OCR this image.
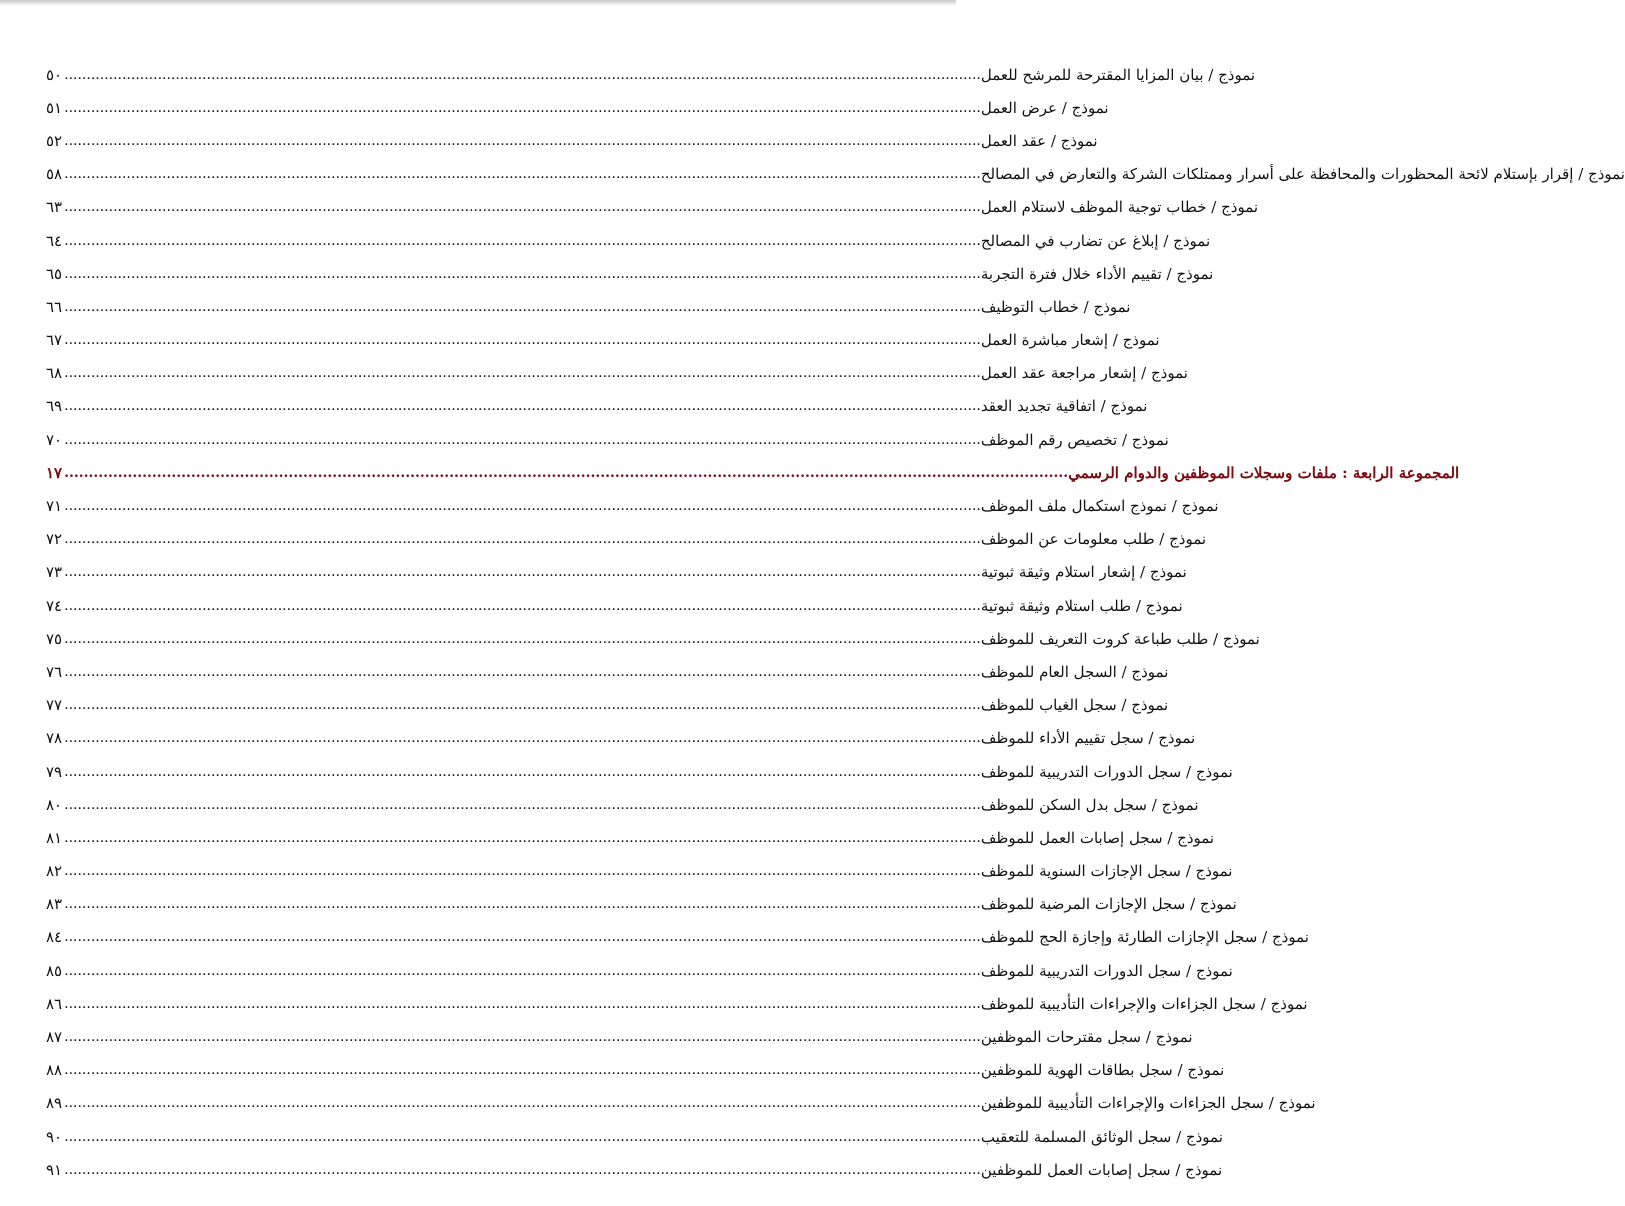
٥٠ .............................................................................................................................................................................................................. نموذج / بيان المزايا المقترحة للمرشح للعمل
٥١ .............................................................................................................................................................................................................. نموذج / عرض العمل
٥٢ .............................................................................................................................................................................................................. نموذج / عقد العمل
٥٨ .............................................................................................................................................................................................................. نموذج / إقرار بإستلام لائحة المحظورات والمحافظة على أسرار وممتلكات الشركة والتعارض في المصالح
٦٣ .............................................................................................................................................................................................................. نموذج / خطاب توجية الموظف لاستلام العمل
٦٤ .............................................................................................................................................................................................................. نموذج / إبلاغ عن تضارب في المصالح
٦٥ .............................................................................................................................................................................................................. نموذج / تقييم الأداء خلال فترة التجربة
٦٦ .............................................................................................................................................................................................................. نموذج / خطاب التوظيف
٦٧ .............................................................................................................................................................................................................. نموذج / إشعار مباشرة العمل
٦٨ .............................................................................................................................................................................................................. نموذج / إشعار مراجعة عقد العمل
٦٩ .............................................................................................................................................................................................................. نموذج / اتفاقية تجديد العقد
٧٠ .............................................................................................................................................................................................................. نموذج / تخصيص رقم الموظف
١٧ .............................................................................................................................................................................................................. المجموعة الرابعة : ملفات وسجلات الموظفين والدوام الرسمي
٧١ .............................................................................................................................................................................................................. نموذج / نموذج استكمال ملف الموظف
٧٢ .............................................................................................................................................................................................................. نموذج / طلب معلومات عن الموظف
٧٣ .............................................................................................................................................................................................................. نموذج / إشعار استلام وثيقة ثبوتية
٧٤ .............................................................................................................................................................................................................. نموذج / طلب استلام وثيقة ثبوتية
٧٥ .............................................................................................................................................................................................................. نموذج / طلب طباعة كروت التعريف للموظف
٧٦ .............................................................................................................................................................................................................. نموذج / السجل العام للموظف
٧٧ .............................................................................................................................................................................................................. نموذج / سجل الغياب للموظف
٧٨ .............................................................................................................................................................................................................. نموذج / سجل تقييم الأداء للموظف
٧٩ .............................................................................................................................................................................................................. نموذج / سجل الدورات التدريبية للموظف
٨٠ .............................................................................................................................................................................................................. نموذج / سجل بدل السكن للموظف
٨١ .............................................................................................................................................................................................................. نموذج / سجل إصابات العمل للموظف
٨٢ .............................................................................................................................................................................................................. نموذج / سجل الإجازات السنوية للموظف
٨٣ .............................................................................................................................................................................................................. نموذج / سجل الإجازات المرضية للموظف
٨٤ .............................................................................................................................................................................................................. نموذج / سجل الإجازات الطارئة وإجازة الحج للموظف
٨٥ .............................................................................................................................................................................................................. نموذج / سجل الدورات التدريبية للموظف
٨٦ .............................................................................................................................................................................................................. نموذج / سجل الجزاءات والإجراءات التأديبية للموظف
٨٧ .............................................................................................................................................................................................................. نموذج / سجل مقترحات الموظفين
٨٨ .............................................................................................................................................................................................................. نموذج / سجل بطاقات الهوية للموظفين
٨٩ .............................................................................................................................................................................................................. نموذج / سجل الجزاءات والإجراءات التأديبية للموظفين
٩٠ .............................................................................................................................................................................................................. نموذج / سجل الوثائق المسلمة للتعقيب
٩١ .............................................................................................................................................................................................................. نموذج / سجل إصابات العمل للموظفين
